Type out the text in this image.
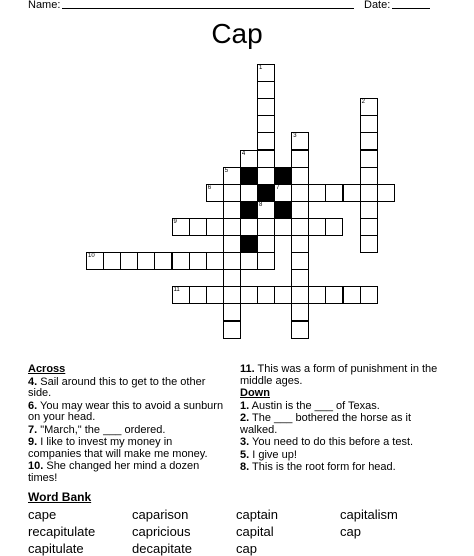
Name:	Date:
Cap
1
2
3
4
5
6	7
8
9
10
11
Across
4. Sail around this to get to the other side.
6. You may wear this to avoid a sunburn on your head.
7. "March," the ___ ordered.
9. I like to invest my money in companies that will make me money.
10. She changed her mind a dozen times!
11. This was a form of punishment in the middle ages.
Down
1. Austin is the ___ of Texas.
2. The ___ bothered the horse as it walked.
3. You need to do this before a test.
5. I give up!
8. This is the root form for head.
Word Bank
cape	caparison	captain	capitalism
recapitulate	capricious	capital	cap
capitulate	decapitate	cap
